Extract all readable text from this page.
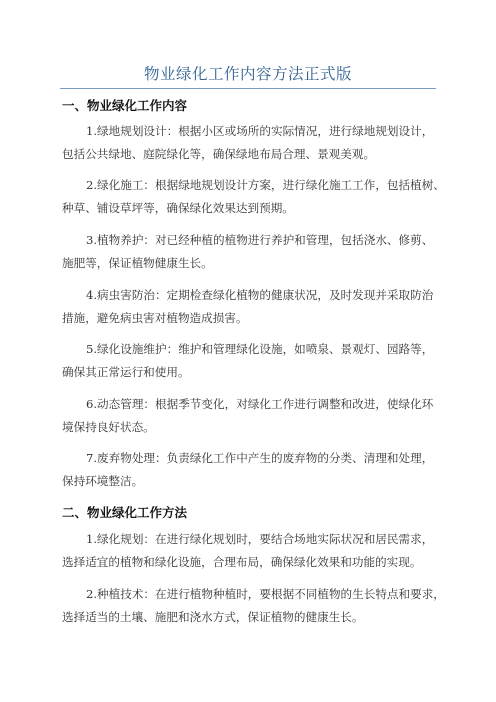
物业绿化工作内容方法正式版
一、物业绿化工作内容
1.绿地规划设计：根据小区或场所的实际情况，进行绿地规划设计，
包括公共绿地、庭院绿化等，确保绿地布局合理、景观美观。
2.绿化施工：根据绿地规划设计方案，进行绿化施工工作，包括植树、
种草、铺设草坪等，确保绿化效果达到预期。
3.植物养护：对已经种植的植物进行养护和管理，包括浇水、修剪、
施肥等，保证植物健康生长。
4.病虫害防治：定期检查绿化植物的健康状况，及时发现并采取防治
措施，避免病虫害对植物造成损害。
5.绿化设施维护：维护和管理绿化设施，如喷泉、景观灯、园路等，
确保其正常运行和使用。
6.动态管理：根据季节变化，对绿化工作进行调整和改进，使绿化环
境保持良好状态。
7.废弃物处理：负责绿化工作中产生的废弃物的分类、清理和处理，
保持环境整洁。
二、物业绿化工作方法
1.绿化规划：在进行绿化规划时，要结合场地实际状况和居民需求，
选择适宜的植物和绿化设施，合理布局，确保绿化效果和功能的实现。
2.种植技术：在进行植物种植时，要根据不同植物的生长特点和要求，
选择适当的土壤、施肥和浇水方式，保证植物的健康生长。
